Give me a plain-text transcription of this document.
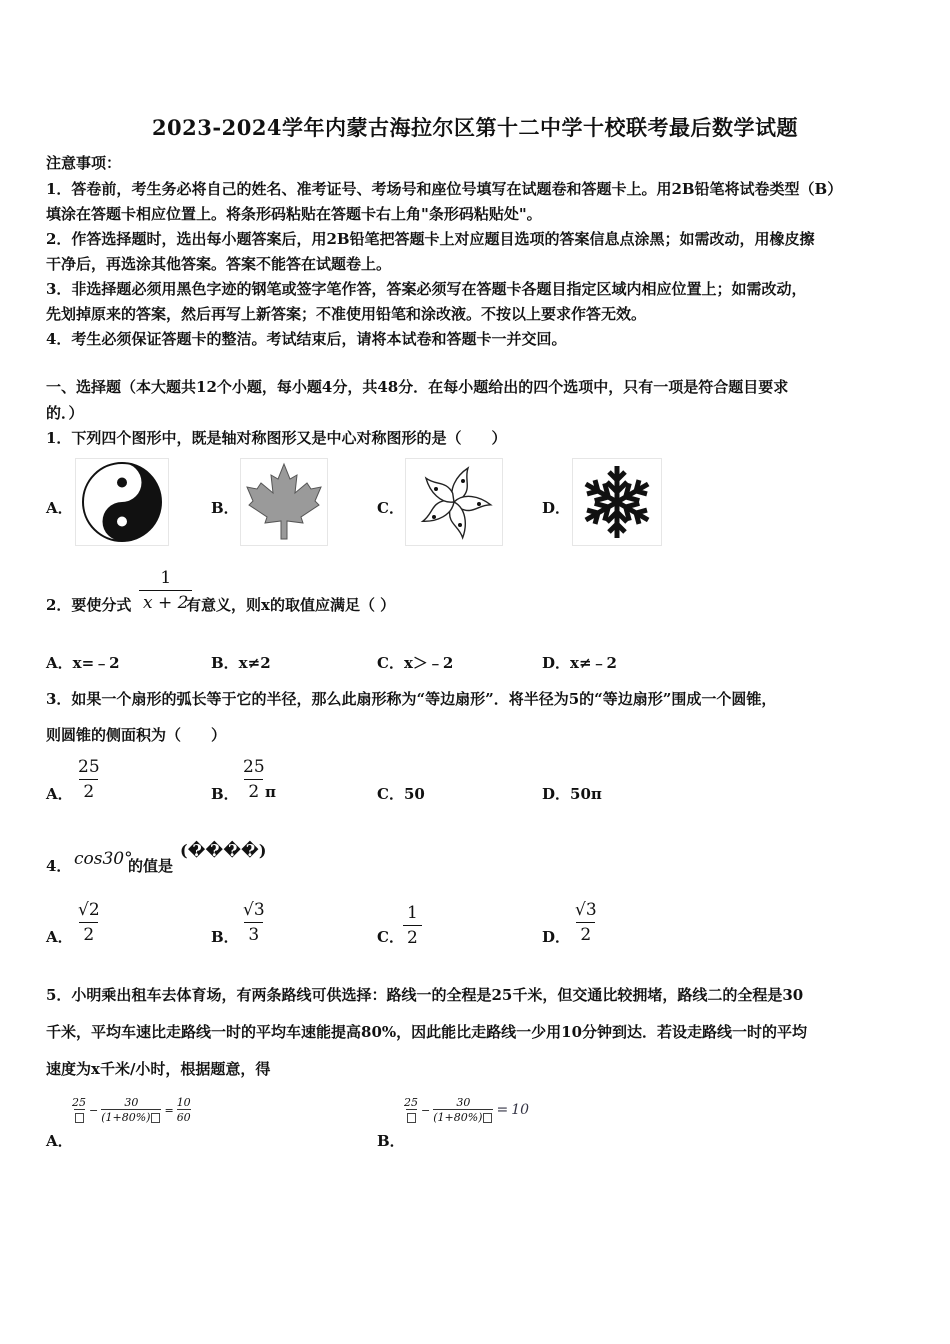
2023-2024学年内蒙古海拉尔区第十二中学十校联考最后数学试题
注意事项：
1．答卷前，考生务必将自己的姓名、准考证号、考场号和座位号填写在试题卷和答题卡上。用2B铅笔将试卷类型（B）
填涂在答题卡相应位置上。将条形码粘贴在答题卡右上角"条形码粘贴处"。
2．作答选择题时，选出每小题答案后，用2B铅笔把答题卡上对应题目选项的答案信息点涂黑；如需改动，用橡皮擦
干净后，再选涂其他答案。答案不能答在试题卷上。
3．非选择题必须用黑色字迹的钢笔或签字笔作答，答案必须写在答题卡各题目指定区域内相应位置上；如需改动，
先划掉原来的答案，然后再写上新答案；不准使用铅笔和涂改液。不按以上要求作答无效。
4．考生必须保证答题卡的整洁。考试结束后，请将本试卷和答题卡一并交回。
一、选择题（本大题共12个小题，每小题4分，共48分．在每小题给出的四个选项中，只有一项是符合题目要求
的．）
1．下列四个图形中，既是轴对称图形又是中心对称图形的是（　　）
A．	B．	C．	D．
2．要使分式 $\frac{1}{x + 2}$
有意义，则x的取值应满足（ ）
A．x=﹣2	B．x≠2	C．x＞﹣2	D．x≠﹣2
3．如果一个扇形的弧长等于它的半径，那么此扇形称为“等边扇形”．将半径为5的“等边扇形”围成一个圆锥，
则圆锥的侧面积为（　　）
A． $\frac{25}{2}$	B． $\frac{25}{2}$
π	C．50	D．50π
4． cos30°
的值是
(����)
A． $\frac{√2}{2}$	B． $\frac{√3}{3}$	C． $\frac{1}{2}$	D． $\frac{√3}{2}$
5．小明乘出租车去体育场，有两条路线可供选择：路线一的全程是25千米，但交通比较拥堵，路线二的全程是30
千米，平均车速比走路线一时的平均车速能提高80%，因此能比走路线一少用10分钟到达．若设走路线一时的平均
速度为x千米/小时，根据题意，得
25
− $\frac{30}{(1+80\%)} = \frac{10}{60}$
A．
25
− $\frac{30}{(1+80\%)} = 10$
B．
